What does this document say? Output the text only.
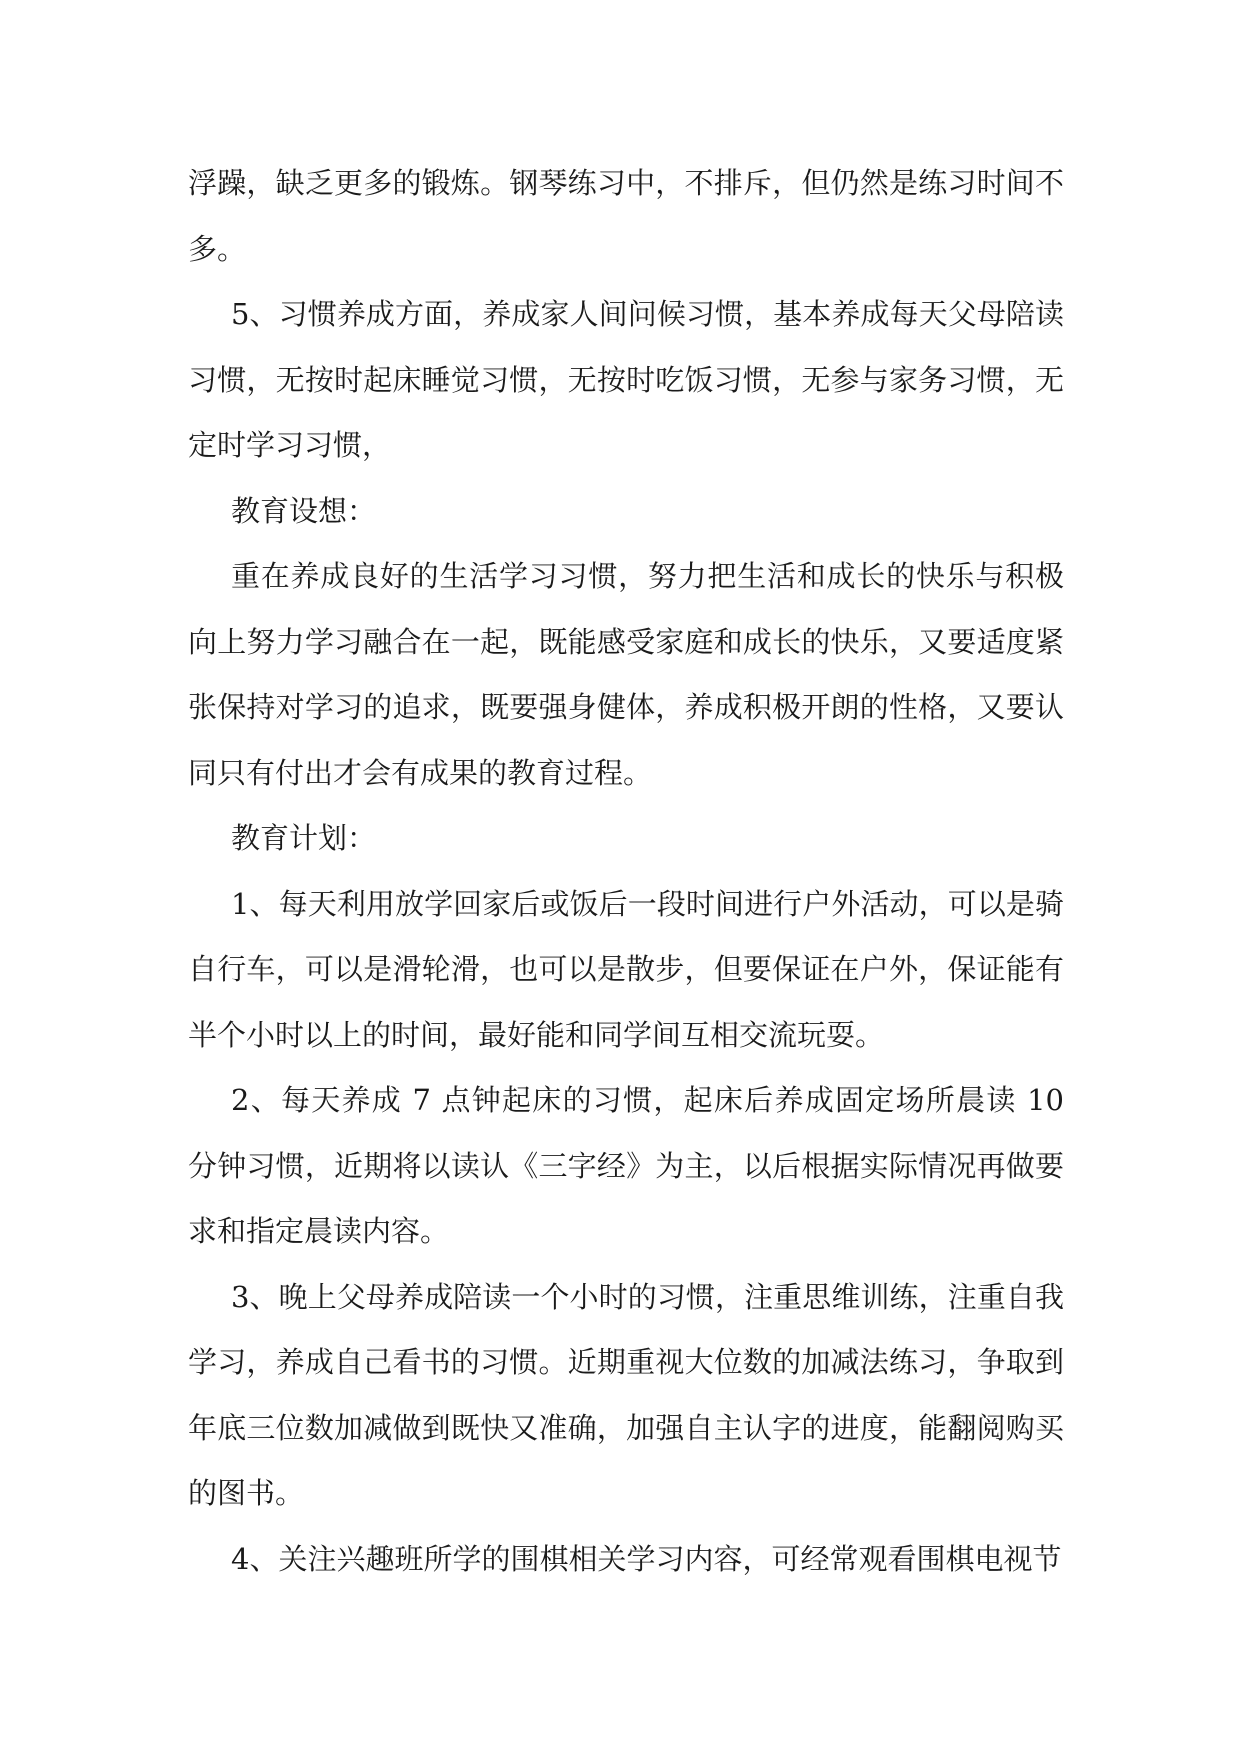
浮躁，缺乏更多的锻炼。钢琴练习中，不排斥，但仍然是练习时间不多。

5、习惯养成方面，养成家人间问候习惯，基本养成每天父母陪读习惯，无按时起床睡觉习惯，无按时吃饭习惯，无参与家务习惯，无定时学习习惯，

教育设想：

重在养成良好的生活学习习惯，努力把生活和成长的快乐与积极向上努力学习融合在一起，既能感受家庭和成长的快乐，又要适度紧张保持对学习的追求，既要强身健体，养成积极开朗的性格，又要认同只有付出才会有成果的教育过程。

教育计划：

1、每天利用放学回家后或饭后一段时间进行户外活动，可以是骑自行车，可以是滑轮滑，也可以是散步，但要保证在户外，保证能有半个小时以上的时间，最好能和同学间互相交流玩耍。

2、每天养成 7 点钟起床的习惯，起床后养成固定场所晨读 10 分钟习惯，近期将以读认《三字经》为主，以后根据实际情况再做要求和指定晨读内容。

3、晚上父母养成陪读一个小时的习惯，注重思维训练，注重自我学习，养成自己看书的习惯。近期重视大位数的加减法练习，争取到年底三位数加减做到既快又准确，加强自主认字的进度，能翻阅购买的图书。

4、关注兴趣班所学的围棋相关学习内容，可经常观看围棋电视节
